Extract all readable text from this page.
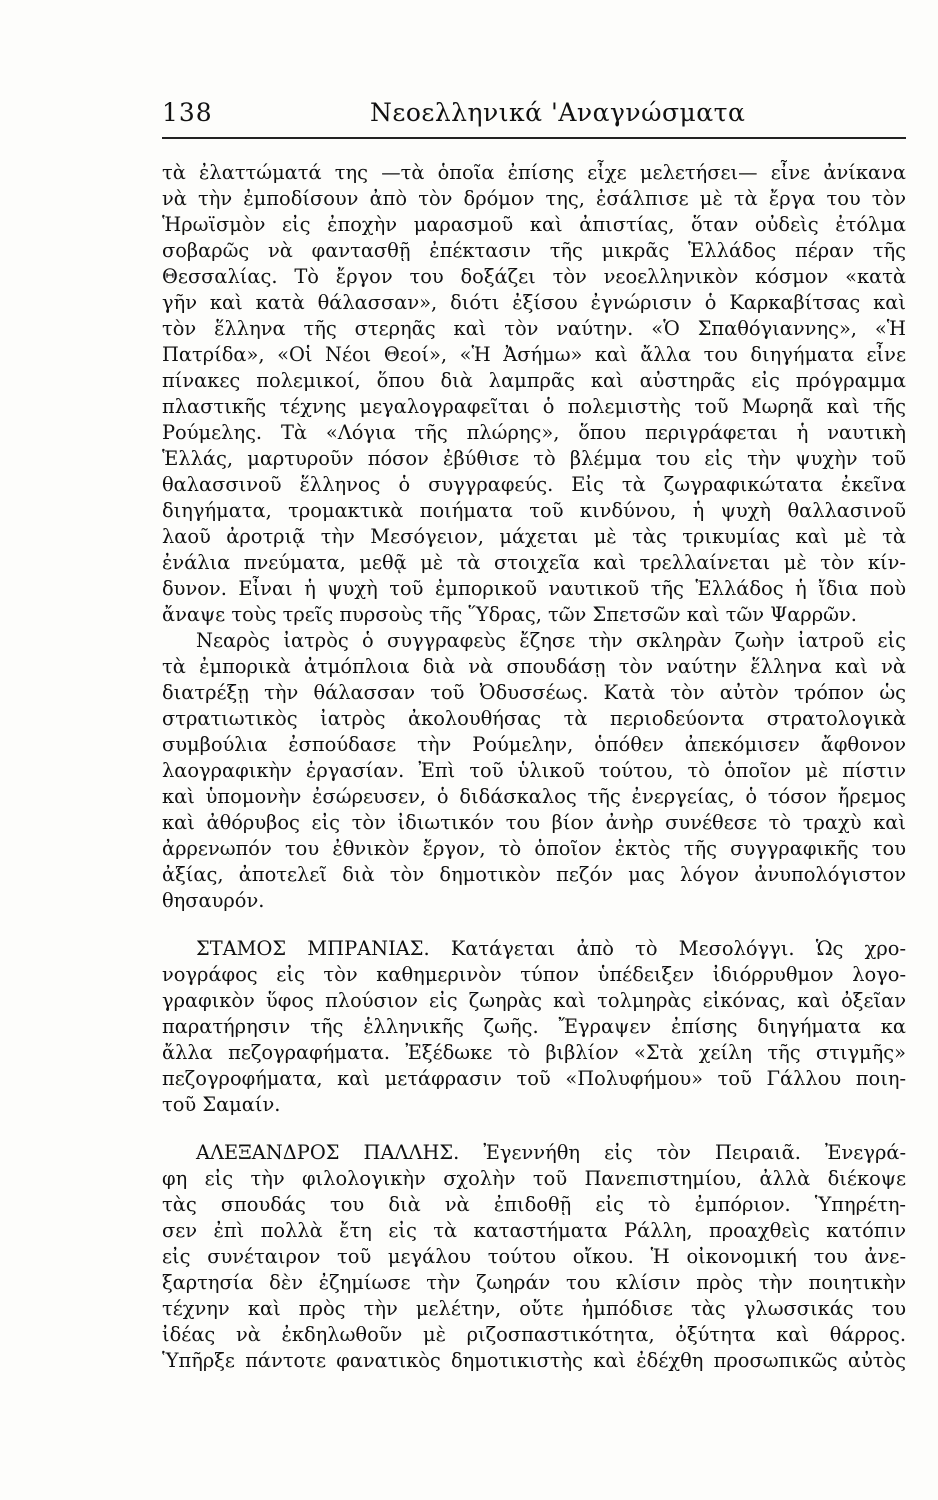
138	Νεοελληνικά 'Αναγνώσματα
τὰ ἐλαττώματά της —τὰ ὁποῖα ἐπίσης εἶχε μελετήσει— εἶνε ἀνίκανα
νὰ τὴν ἐμποδίσουν ἀπὸ τὸν δρόμον της, ἐσάλπισε μὲ τὰ ἔργα του τὸν
Ἡρωϊσμὸν εἰς ἐποχὴν μαρασμοῦ καὶ ἀπιστίας, ὅταν οὐδεὶς ἐτόλμα
σοβαρῶς νὰ φαντασθῇ ἐπέκτασιν τῆς μικρᾶς Ἑλλάδος πέραν τῆς
Θεσσαλίας. Τὸ ἔργον του δοξάζει τὸν νεοελληνικὸν κόσμον «κατὰ
γῆν καὶ κατὰ θάλασσαν», διότι ἐξίσου ἐγνώρισιν ὁ Καρκαβίτσας καὶ
τὸν ἕλληνα τῆς στερηᾶς καὶ τὸν ναύτην. «Ὁ Σπαθόγιαννης», «Ἡ
Πατρίδα», «Οἱ Νέοι Θεοί», «Ἡ Ἀσήμω» καὶ ἄλλα του διηγήματα εἶνε
πίνακες πολεμικοί, ὅπου διὰ λαμπρᾶς καὶ αὐστηρᾶς εἰς πρόγραμμα
πλαστικῆς τέχνης μεγαλογραφεῖται ὁ πολεμιστὴς τοῦ Μωρηᾶ καὶ τῆς
Ρούμελης. Τὰ «Λόγια τῆς πλώρης», ὅπου περιγράφεται ἡ ναυτικὴ
Ἑλλάς, μαρτυροῦν πόσον ἐβύθισε τὸ βλέμμα του εἰς τὴν ψυχὴν τοῦ
θαλασσινοῦ ἕλληνος ὁ συγγραφεύς. Εἰς τὰ ζωγραφικώτατα ἐκεῖνα
διηγήματα, τρομακτικὰ ποιήματα τοῦ κινδύνου, ἡ ψυχὴ θαλλασινοῦ
λαοῦ ἀροτριᾷ τὴν Μεσόγειον, μάχεται μὲ τὰς τρικυμίας καὶ μὲ τὰ
ἐνάλια πνεύματα, μεθᾷ μὲ τὰ στοιχεῖα καὶ τρελλαίνεται μὲ τὸν κίν-
δυνον. Εἶναι ἡ ψυχὴ τοῦ ἐμπορικοῦ ναυτικοῦ τῆς Ἑλλάδος ἡ ἴδια ποὺ
ἄναψε τοὺς τρεῖς πυρσοὺς τῆς Ὕδρας, τῶν Σπετσῶν καὶ τῶν Ψαρρῶν.
Νεαρὸς ἰατρὸς ὁ συγγραφεὺς ἔζησε τὴν σκληρὰν ζωὴν ἰατροῦ εἰς
τὰ ἐμπορικὰ ἀτμόπλοια διὰ νὰ σπουδάσῃ τὸν ναύτην ἕλληνα καὶ νὰ
διατρέξῃ τὴν θάλασσαν τοῦ Ὀδυσσέως. Κατὰ τὸν αὐτὸν τρόπον ὡς
στρατιωτικὸς ἰατρὸς ἀκολουθήσας τὰ περιοδεύοντα στρατολογικὰ
συμβούλια ἐσπούδασε τὴν Ρούμελην, ὁπόθεν ἀπεκόμισεν ἄφθονον
λαογραφικὴν ἐργασίαν. Ἐπὶ τοῦ ὑλικοῦ τούτου, τὸ ὁποῖον μὲ πίστιν
καὶ ὑπομονὴν ἐσώρευσεν, ὁ διδάσκαλος τῆς ἐνεργείας, ὁ τόσον ἤρεμος
καὶ ἀθόρυβος εἰς τὸν ἰδιωτικόν του βίον ἀνὴρ συνέθεσε τὸ τραχὺ καὶ
ἀρρενωπόν του ἐθνικὸν ἔργον, τὸ ὁποῖον ἐκτὸς τῆς συγγραφικῆς του
ἀξίας, ἀποτελεῖ διὰ τὸν δημοτικὸν πεζόν μας λόγον ἀνυπολόγιστον
θησαυρόν.
ΣΤΑΜΟΣ ΜΠΡΑΝΙΑΣ. Κατάγεται ἀπὸ τὸ Μεσολόγγι. Ὡς χρο-
νογράφος εἰς τὸν καθημερινὸν τύπον ὑπέδειξεν ἰδιόρρυθμον λογο-
γραφικὸν ὕφος πλούσιον εἰς ζωηρὰς καὶ τολμηρὰς εἰκόνας, καὶ ὀξεῖαν
παρατήρησιν τῆς ἑλληνικῆς ζωῆς. Ἔγραψεν ἐπίσης διηγήματα κα
ἄλλα πεζογραφήματα. Ἐξέδωκε τὸ βιβλίον «Στὰ χείλη τῆς στιγμῆς»
πεζογροφήματα, καὶ μετάφρασιν τοῦ «Πολυφήμου» τοῦ Γάλλου ποιη-
τοῦ Σαμαίν.
ΑΛΕΞΑΝΔΡΟΣ ΠΑΛΛΗΣ. Ἐγεννήθη εἰς τὸν Πειραιᾶ. Ἐνεγρά-
φη εἰς τὴν φιλολογικὴν σχολὴν τοῦ Πανεπιστημίου, ἀλλὰ διέκοψε
τὰς σπουδάς του διὰ νὰ ἐπιδοθῇ εἰς τὸ ἐμπόριον. Ὑπηρέτη-
σεν ἐπὶ πολλὰ ἔτη εἰς τὰ καταστήματα Ράλλη, προαχθεὶς κατόπιν
εἰς συνέταιρον τοῦ μεγάλου τούτου οἴκου. Ἡ οἰκονομική του ἀνε-
ξαρτησία δὲν ἐζημίωσε τὴν ζωηράν του κλίσιν πρὸς τὴν ποιητικὴν
τέχνην καὶ πρὸς τὴν μελέτην, οὔτε ἠμπόδισε τὰς γλωσσικάς του
ἰδέας νὰ ἐκδηλωθοῦν μὲ ριζοσπαστικότητα, ὀξύτητα καὶ θάρρος.
Ὑπῆρξε πάντοτε φανατικὸς δημοτικιστὴς καὶ ἐδέχθη προσωπικῶς αὐτὸς
